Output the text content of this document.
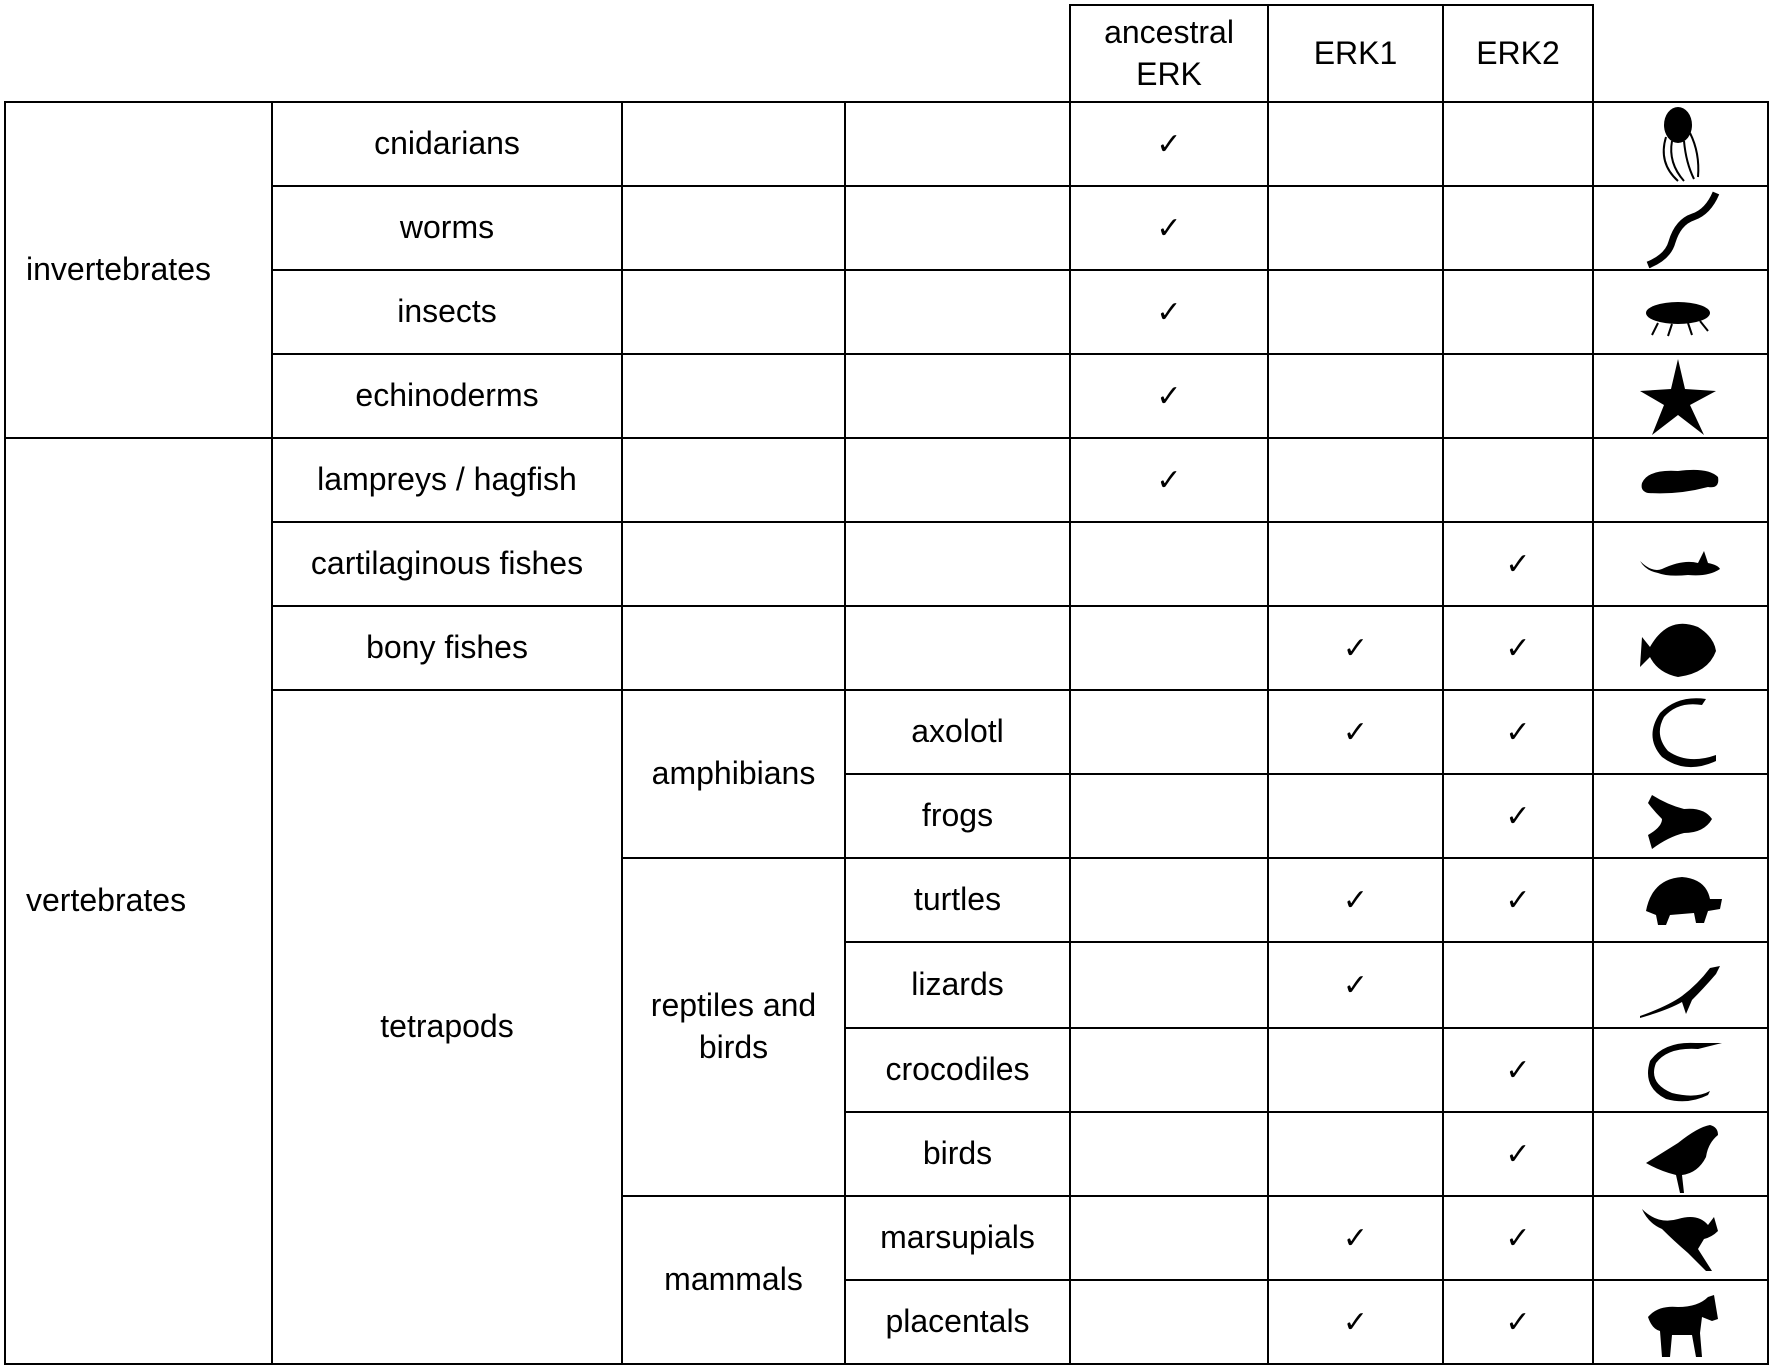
				ancestral ERK	ERK1	ERK2	
invertebrates	cnidarians			✓			

	worms			✓			

	insects			✓			

	echinoderms			✓			

vertebrates	lampreys / hagfish			✓			

	cartilaginous fishes					✓	

	bony fishes				✓	✓	

	tetrapods	amphibians	axolotl		✓	✓	

			frogs			✓	

		reptiles and birds	turtles		✓	✓	

			lizards		✓		

			crocodiles			✓	

			birds			✓	

		mammals	marsupials		✓	✓	

			placentals		✓	✓	
